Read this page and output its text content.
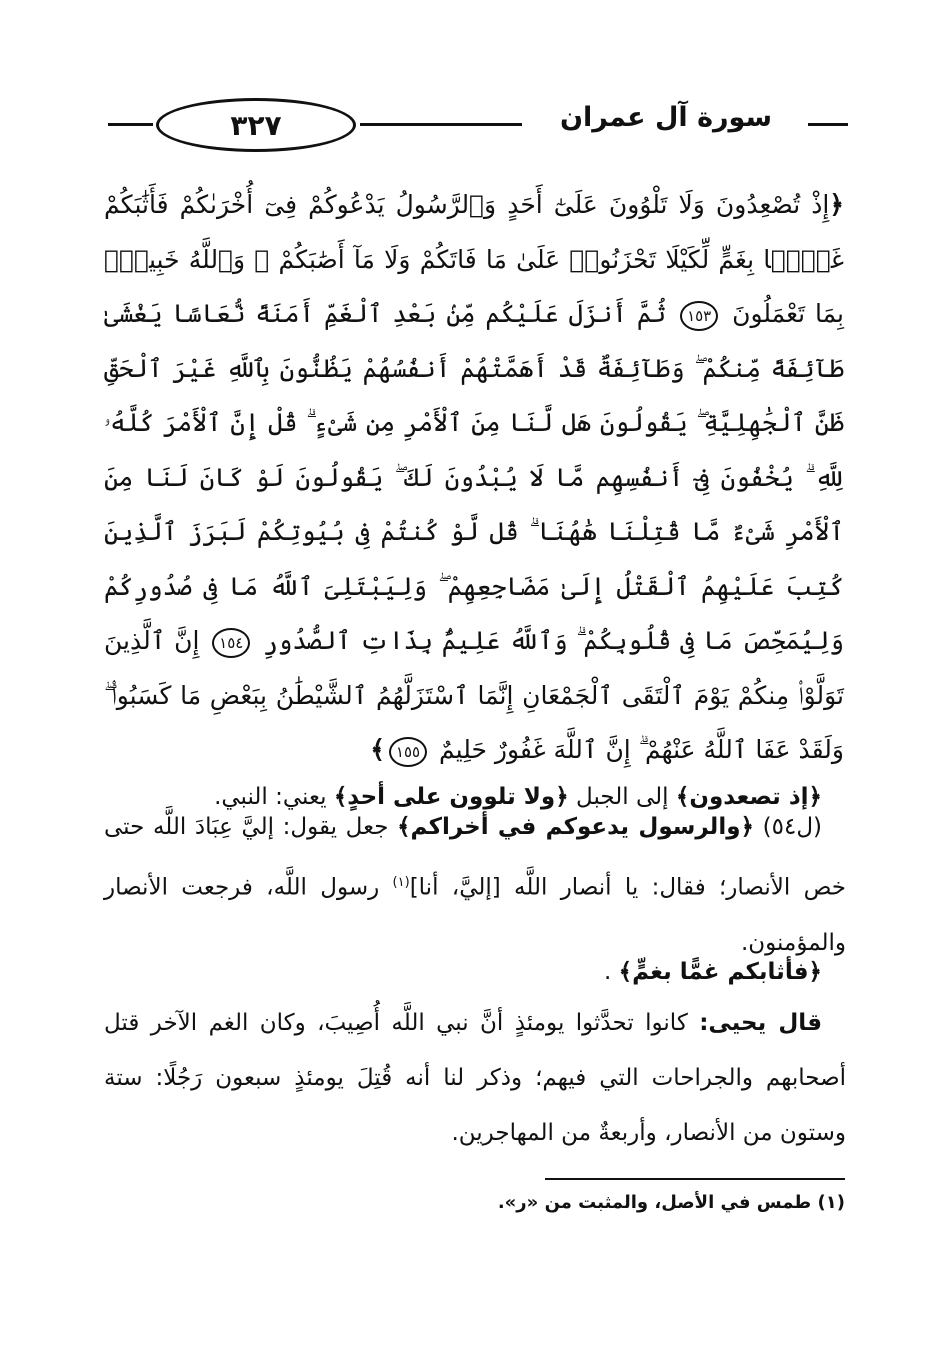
٣٢٧	سورة آل عمران
﴿إِذْ تُصْعِدُونَ وَلَا تَلْوُونَ عَلَىٰٓ أَحَدٍ وَٱلرَّسُولُ يَدْعُوكُمْ فِىٓ أُخْرَىٰكُمْ فَأَثَٰبَكُمْ غَمًّۢا بِغَمٍّ لِّكَيْلَا تَحْزَنُوا۟ عَلَىٰ مَا فَاتَكُمْ وَلَا مَآ أَصَٰبَكُمْ ۗ وَٱللَّهُ خَبِيرٌۢ بِمَا تَعْمَلُونَ ١٥٣ ثُمَّ أَنزَلَ عَلَيْكُم مِّنۢ بَعْدِ ٱلْغَمِّ أَمَنَةً نُّعَاسًا يَغْشَىٰ طَآئِفَةً مِّنكُمْ ۖ وَطَآئِفَةٌ قَدْ أَهَمَّتْهُمْ أَنفُسُهُمْ يَظُنُّونَ بِٱللَّهِ غَيْرَ ٱلْحَقِّ ظَنَّ ٱلْجَٰهِلِيَّةِ ۖ يَقُولُونَ هَل لَّنَا مِنَ ٱلْأَمْرِ مِن شَىْءٍ ۗ قُلْ إِنَّ ٱلْأَمْرَ كُلَّهُۥ لِلَّهِ ۗ يُخْفُونَ فِىٓ أَنفُسِهِم مَّا لَا يُبْدُونَ لَكَ ۖ يَقُولُونَ لَوْ كَانَ لَنَا مِنَ ٱلْأَمْرِ شَىْءٌ مَّا قُتِلْنَا هَٰهُنَا ۗ قُل لَّوْ كُنتُمْ فِى بُيُوتِكُمْ لَبَرَزَ ٱلَّذِينَ كُتِبَ عَلَيْهِمُ ٱلْقَتْلُ إِلَىٰ مَضَاجِعِهِمْ ۖ وَلِيَبْتَلِىَ ٱللَّهُ مَا فِى صُدُورِكُمْ وَلِيُمَحِّصَ مَا فِى قُلُوبِكُمْ ۗ وَٱللَّهُ عَلِيمٌۢ بِذَاتِ ٱلصُّدُورِ ١٥٤ إِنَّ ٱلَّذِينَ تَوَلَّوْا۟ مِنكُمْ يَوْمَ ٱلْتَقَى ٱلْجَمْعَانِ إِنَّمَا ٱسْتَزَلَّهُمُ ٱلشَّيْطَٰنُ بِبَعْضِ مَا كَسَبُوا۟ ۖ وَلَقَدْ عَفَا ٱللَّهُ عَنْهُمْ ۗ إِنَّ ٱللَّهَ غَفُورٌ حَلِيمٌ ١٥٥﴾
﴿إذ تصعدون﴾ إلى الجبل ﴿ولا تلوون على أحدٍ﴾ يعني: النبي.
(ل٥٤) ﴿والرسول يدعوكم في أخراكم﴾ جعل يقول: إليَّ عِبَادَ اللَّه حتى خص الأنصار؛ فقال: يا أنصار اللَّه [إليَّ، أنا]$^{(١)}$ رسول اللَّه، فرجعت الأنصار والمؤمنون.
﴿فأثابكم غمًّا بغمٍّ﴾ .
قال يحيى: كانوا تحدَّثوا يومئذٍ أنَّ نبي اللَّه أُصِيبَ، وكان الغم الآخر قتل أصحابهم والجراحات التي فيهم؛ وذكر لنا أنه قُتِلَ يومئذٍ سبعون رَجُلًا: ستة وستون من الأنصار، وأربعةٌ من المهاجرين.
(١) طمس في الأصل، والمثبت من «ر».
